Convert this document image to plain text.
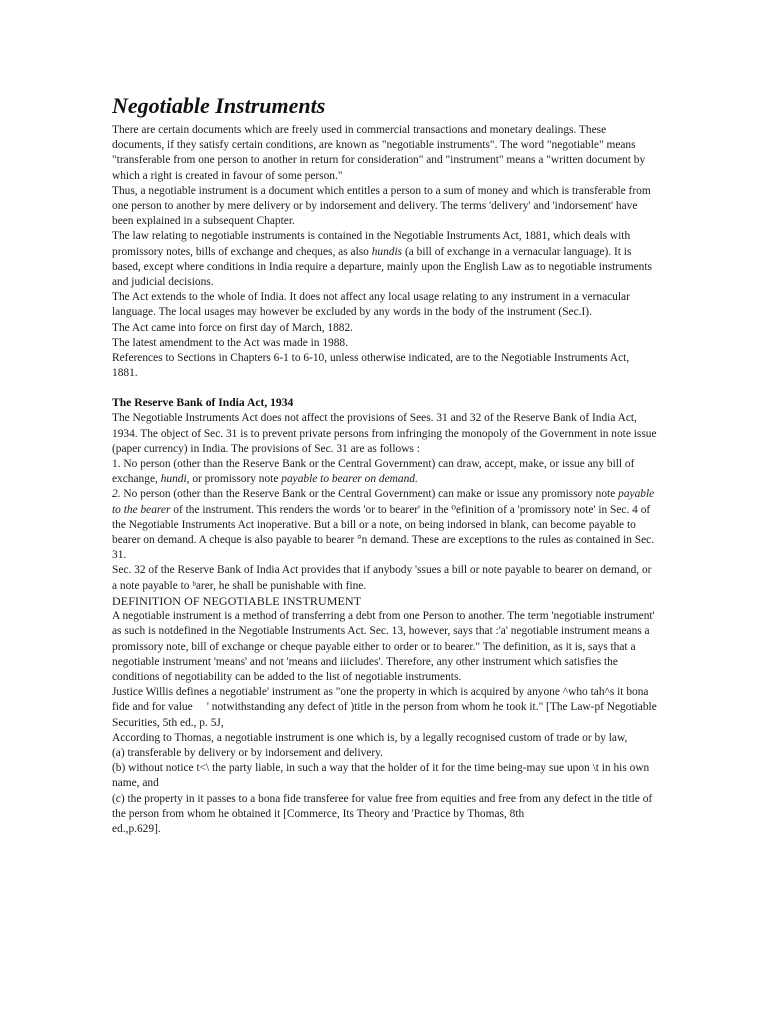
Negotiable Instruments

There are certain documents which are freely used in commercial transactions and monetary dealings. These documents, if they satisfy certain conditions, are known as "negotiable instruments". The word "negotiable" means "transferable from one person to another in return for consideration" and "instrument" means a "written document by which a right is created in favour of some person."

Thus, a negotiable instrument is a document which entitles a person to a sum of money and which is transferable from one person to another by mere delivery or by indorsement and delivery. The terms 'delivery' and 'indorsement' have been explained in a subsequent Chapter.

The law relating to negotiable instruments is contained in the Negotiable Instruments Act, 1881, which deals with promissory notes, bills of exchange and cheques, as also hundis (a bill of exchange in a vernacular language). It is based, except where conditions in India require a departure, mainly upon the English Law as to negotiable instruments and judicial decisions.

The Act extends to the whole of India. It does not affect any local usage relating to any instrument in a vernacular language. The local usages may however be excluded by any words in the body of the instrument (Sec.I).

The Act came into force on first day of March, 1882.

The latest amendment to the Act was made in 1988.

References to Sections in Chapters 6-1 to 6-10, unless otherwise indicated, are to the Negotiable Instruments Act, 1881.

The Reserve Bank of India Act, 1934

The Negotiable Instruments Act does not affect the provisions of Sees. 31 and 32 of the Reserve Bank of India Act, 1934. The object of Sec. 31 is to prevent private persons from infringing the monopoly of the Government in note issue (paper currency) in India. The provisions of Sec. 31 are as follows :

1. No person (other than the Reserve Bank or the Central Government) can draw, accept, make, or issue any bill of exchange, hundi, or promissory note payable to bearer on demand.

2. No person (other than the Reserve Bank or the Central Government) can make or issue any promissory note payable to the bearer of the instrument. This renders the words 'or to bearer' in the ⁰efinition of a 'promissory note' in Sec. 4 of the Negotiable Instruments Act inoperative. But a bill or a note, on being indorsed in blank, can become payable to bearer on demand. A cheque is also payable to bearer °n demand. These are exceptions to the rules as contained in Sec. 31.

Sec. 32 of the Reserve Bank of India Act provides that if anybody 'ssues a bill or note payable to bearer on demand, or a note payable to ᵇarer, he shall be punishable with fine.

DEFINITION OF NEGOTIABLE INSTRUMENT

A negotiable instrument is a method of transferring a debt from one Person to another. The term 'negotiable instrument' as such is notdefined in the Negotiable Instruments Act. Sec. 13, however, says that :'a' negotiable instrument means a promissory note, bill of exchange or cheque payable either to order or to bearer." The definition, as it is, says that a negotiable instrument 'means' and not 'means and iiicludes'. Therefore, any other instrument which satisfies the conditions of negotiability can be added to the list of negotiable instruments.

Justice Willis defines a negotiable' instrument as "one the property in which is acquired by anyone ^who tah^s it bona fide and for value     ' notwithstanding any defect of )title in the person from whom he took it." [The Law-pf Negotiable Securities, 5th ed., p. 5J,

According to Thomas, a negotiable instrument is one which is, by a legally recognised custom of trade or by law,

(a) transferable by delivery or by indorsement and delivery.

(b) without notice t<\ the party liable, in such a way that the holder of it for the time being-may sue upon \t in his own name, and

(c) the property in it passes to a bona fide transferee for value free from equities and free from any defect in the title of the person from whom he obtained it [Commerce, Its Theory and 'Practice by Thomas, 8th

ed.,p.629].
